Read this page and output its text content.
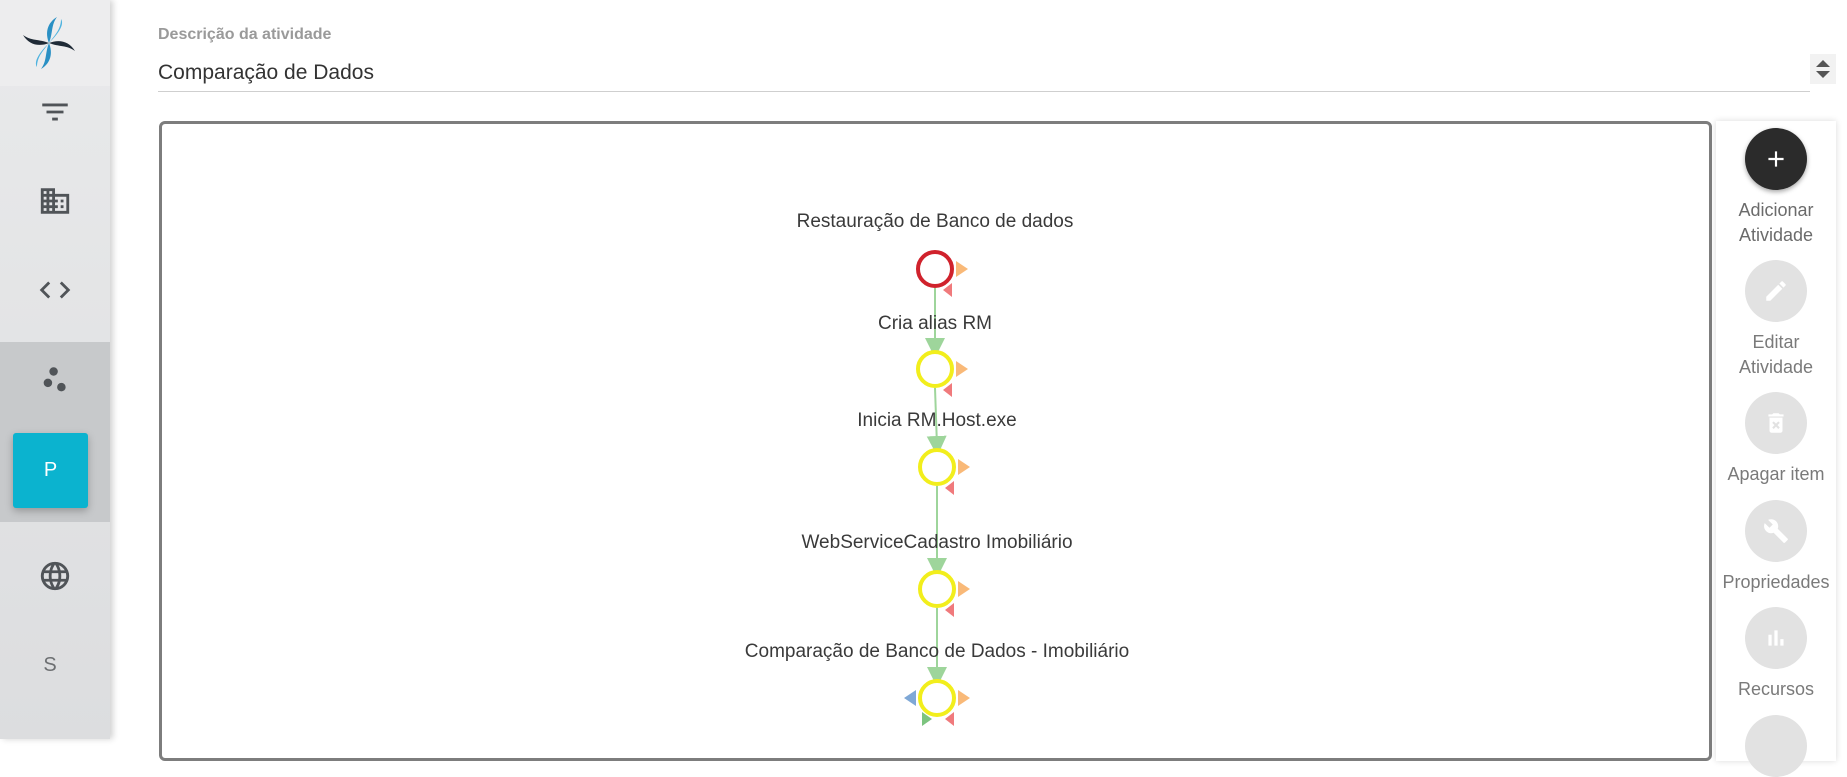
P
S
Descrição da atividade
Comparação de Dados
Restauração de Banco de dados
Cria alias RM
Inicia RM.Host.exe
WebServiceCadastro Imobiliário
Comparação de Banco de Dados - Imobiliário
Adicionar Atividade
Editar Atividade
Apagar item
Propriedades
Recursos
